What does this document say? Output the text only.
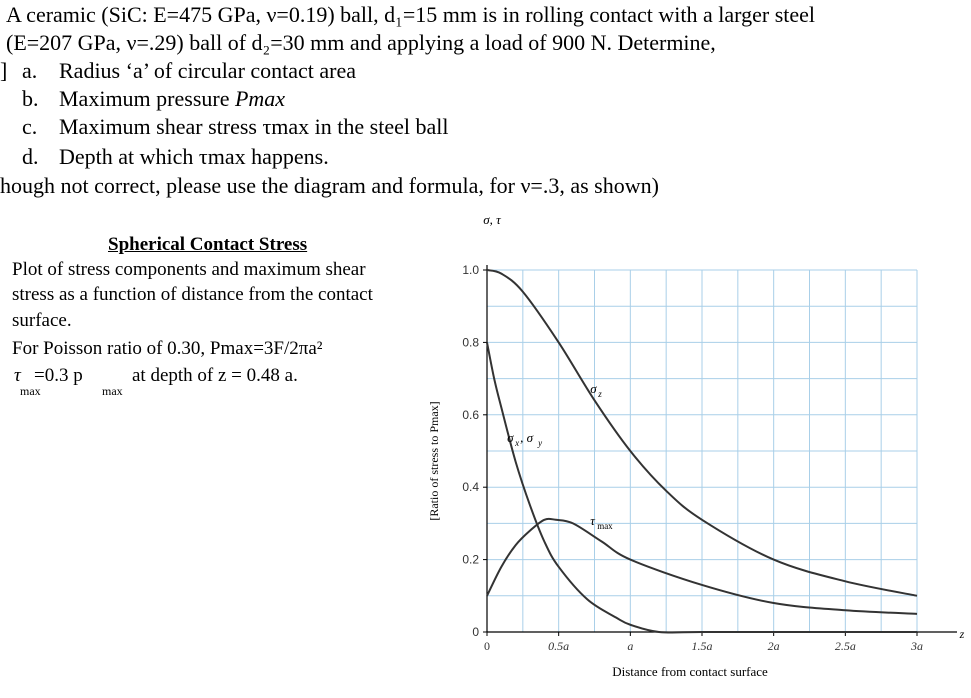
A ceramic (SiC: E=475 GPa, ν=0.19) ball, d₁=15 mm is in rolling contact with a larger steel
(E=207 GPa, ν=.29) ball of d₂=30 mm and applying a load of 900 N. Determine,
] a. Radius ‘a’ of circular contact area
b. Maximum pressure Pmax
c. Maximum shear stress τmax in the steel ball
d. Depth at which τmax happens.
hough not correct, please use the diagram and formula, for ν=.3, as shown)
Spherical Contact Stress
Plot of stress components and maximum shear
stress as a function of distance from the contact
surface.
For Poisson ratio of 0.30, Pmax=3F/2πa²
τ =0.3 p	at depth of z = 0.48 a.
max	max
0
0.2
0.4
0.6
0.8
1.0
0	0.5a	a	1.5a	2a	2.5a	3a
σ, τ
[Ratio of stress to Pmax]
Distance from contact surface
z
σ z
σ x , σ y
τ max
